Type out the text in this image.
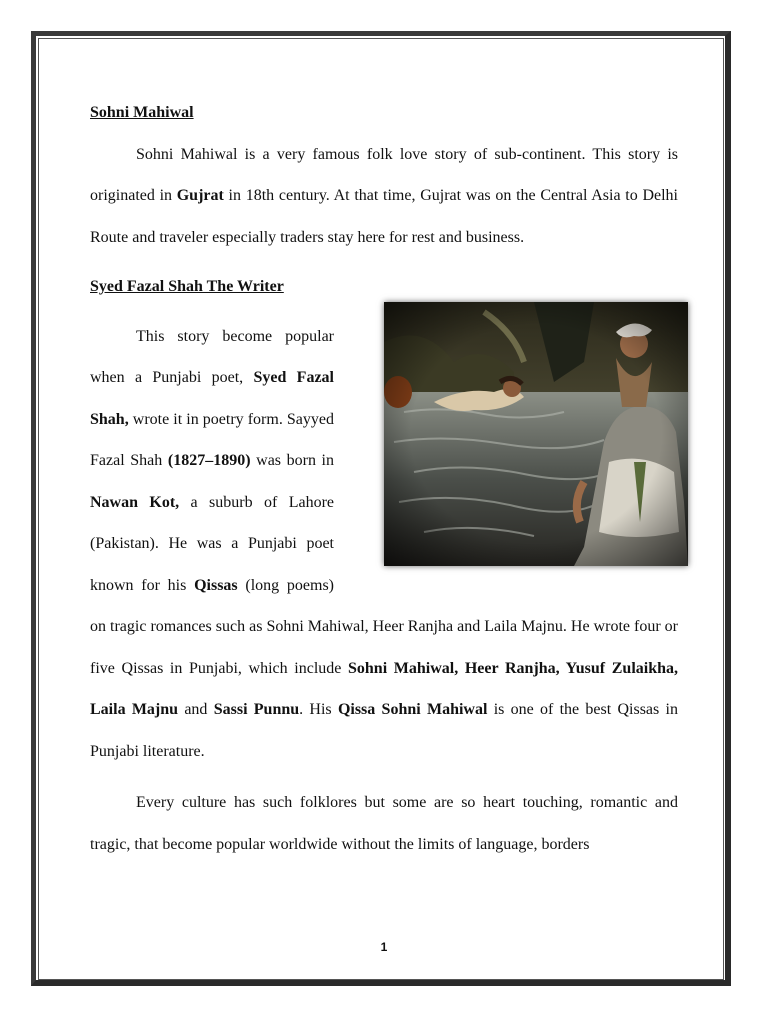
Sohni Mahiwal

Sohni Mahiwal is a very famous folk love story of sub-continent. This story is originated in Gujrat in 18th century. At that time, Gujrat was on the Central Asia to Delhi Route and traveler especially traders stay here for rest and business.

Syed Fazal Shah The Writer

This story become popular when a Punjabi poet, Syed Fazal Shah, wrote it in poetry form. Sayyed Fazal Shah (1827–1890) was born in Nawan Kot, a suburb of Lahore (Pakistan). He was a Punjabi poet known for his Qissas (long poems) on tragic romances such as Sohni Mahiwal, Heer Ranjha and Laila Majnu. He wrote four or five Qissas in Punjabi, which include Sohni Mahiwal, Heer Ranjha, Yusuf Zulaikha, Laila Majnu and Sassi Punnu. His Qissa Sohni Mahiwal is one of the best Qissas in Punjabi literature.

Every culture has such folklores but some are so heart touching, romantic and tragic, that become popular worldwide without the limits of language, borders

1
